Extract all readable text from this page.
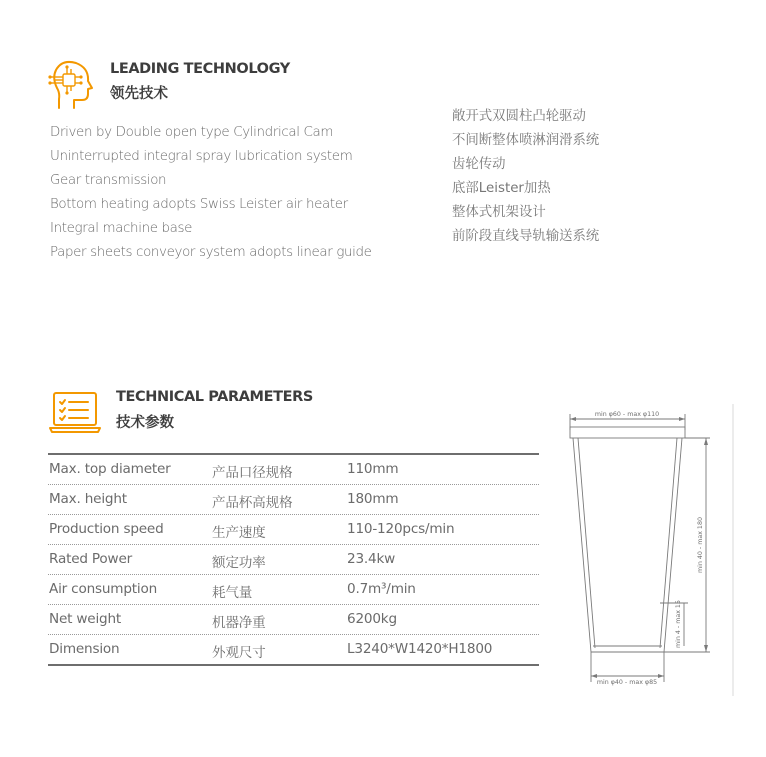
LEADING TECHNOLOGY
领先技术
Driven by Double open type Cylindrical Cam
Uninterrupted integral spray lubrication system
Gear transmission
Bottom heating adopts Swiss Leister air heater
Integral machine base
Paper sheets conveyor system adopts linear guide
敞开式双圆柱凸轮驱动
不间断整体喷淋润滑系统
齿轮传动
底部Leister加热
整体式机架设计
前阶段直线导轨输送系统
TECHNICAL PARAMETERS
技术参数
Max. top diameter	产品口径规格	110mm
Max. height	产品杯高规格	180mm
Production speed	生产速度	110-120pcs/min
Rated Power	额定功率	23.4kw
Air consumption	耗气量	0.7m³/min
Net weight	机器净重	6200kg
Dimension	外观尺寸	L3240*W1420*H1800
min φ60 - max φ110
min φ40 - max φ85
min 40 - max 180
min 4 - max 15
